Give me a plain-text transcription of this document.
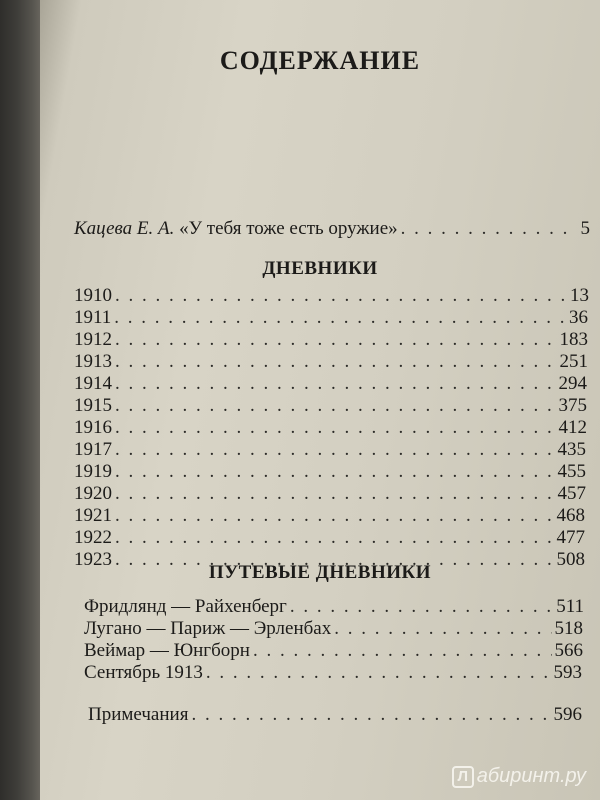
СОДЕРЖАНИЕ
Кацева Е. А. «У тебя тоже есть оружие» . . .	5
ДНЕВНИКИ
1910 . . .	13
1911 . . .	36
1912 . . .	183
1913 . . .	251
1914 . . .	294
1915 . . .	375
1916 . . .	412
1917 . . .	435
1919 . . .	455
1920 . . .	457
1921 . . .	468
1922 . . .	477
1923 . . .	508
ПУТЕВЫЕ ДНЕВНИКИ
Фридлянд — Райхенберг . . .	511
Лугано — Париж — Эрленбах . . .	518
Веймар — Юнгборн . . .	566
Сентябрь 1913 . . .	593
Примечания . . .	596
Л абиринт.ру
